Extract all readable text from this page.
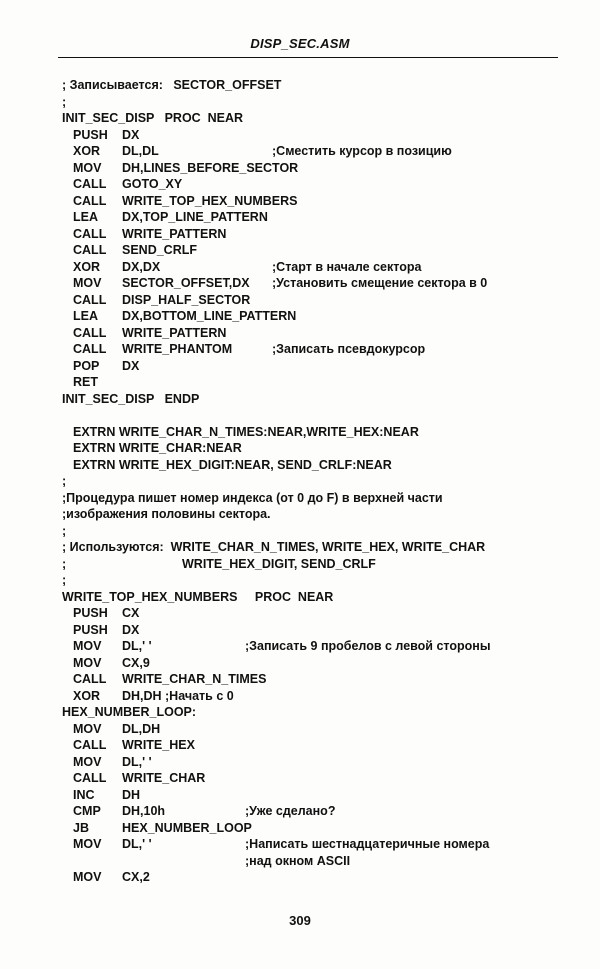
DISP_SEC.ASM
; Записывается:   SECTOR_OFFSET
;
INIT_SEC_DISP   PROC  NEAR
PUSH DX
XOR DL,DL	;Сместить курсор в позицию
MOV DH,LINES_BEFORE_SECTOR
CALL GOTO_XY
CALL WRITE_TOP_HEX_NUMBERS
LEA DX,TOP_LINE_PATTERN
CALL WRITE_PATTERN
CALL SEND_CRLF
XOR DX,DX	;Старт в начале сектора
MOV SECTOR_OFFSET,DX ;Установить смещение сектора в 0
CALL DISP_HALF_SECTOR
LEA DX,BOTTOM_LINE_PATTERN
CALL WRITE_PATTERN
CALL WRITE_PHANTOM	;Записать псевдокурсор
POP DX
RET
INIT_SEC_DISP   ENDP
EXTRN WRITE_CHAR_N_TIMES:NEAR,WRITE_HEX:NEAR
EXTRN WRITE_CHAR:NEAR
EXTRN WRITE_HEX_DIGIT:NEAR, SEND_CRLF:NEAR
;
;Процедура пишет номер индекса (от 0 до F) в верхней части
;изображения половины сектора.
;
; Используются:  WRITE_CHAR_N_TIMES, WRITE_HEX, WRITE_CHAR
;	WRITE_HEX_DIGIT, SEND_CRLF
;
WRITE_TOP_HEX_NUMBERS     PROC  NEAR
PUSH CX
PUSH DX
MOV DL,' '	;Записать 9 пробелов с левой стороны
MOV CX,9
CALL WRITE_CHAR_N_TIMES
XOR DH,DH ;Начать с 0
HEX_NUMBER_LOOP:
MOV DL,DH
CALL WRITE_HEX
MOV DL,' '
CALL WRITE_CHAR
INC DH
CMP DH,10h	;Уже сделано?
JB	HEX_NUMBER_LOOP
MOV DL,' '	;Написать шестнадцатеричные номера
;над окном ASCII
MOV CX,2
309
